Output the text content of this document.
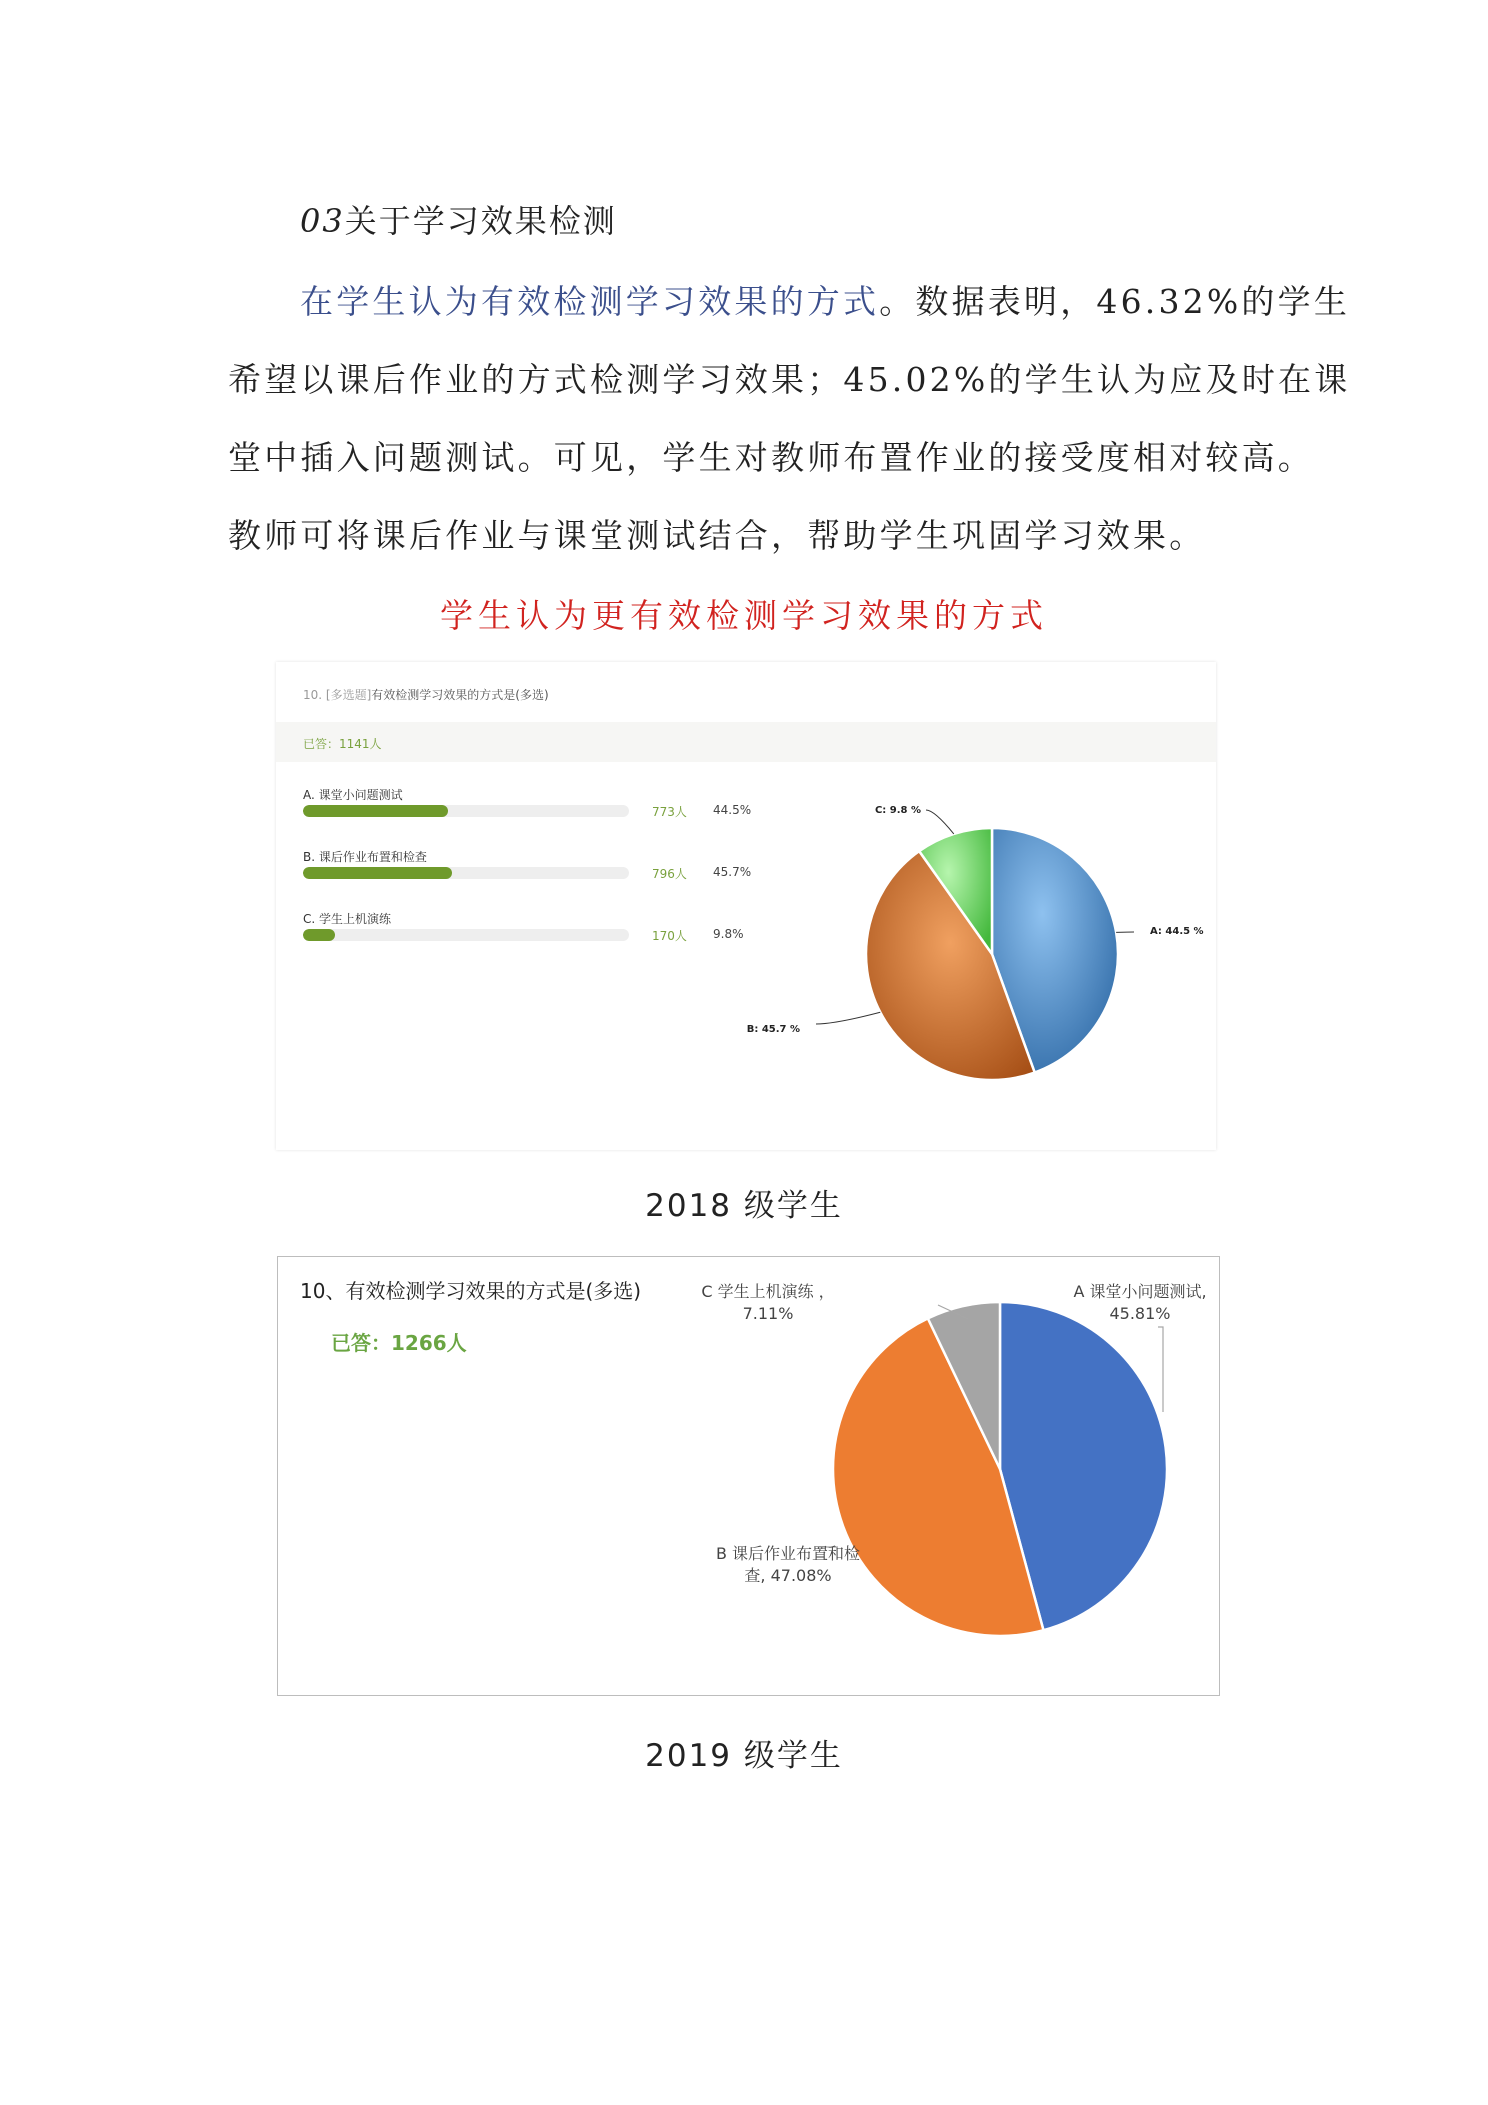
03关于学习效果检测
在学生认为有效检测学习效果的方式。数据表明，46.32%的学生
希望以课后作业的方式检测学习效果；45.02%的学生认为应及时在课
堂中插入问题测试。可见，学生对教师布置作业的接受度相对较高。
教师可将课后作业与课堂测试结合，帮助学生巩固学习效果。
学生认为更有效检测学习效果的方式
10. [多选题]有效检测学习效果的方式是(多选)
已答：1141人
A. 课堂小问题测试
773人 44.5%
B. 课后作业布置和检查
796人 45.7%
C. 学生上机演练
170人 9.8%	A: 44.5 %
B: 45.7 %
C: 9.8 %
2018 级学生
10、有效检测学习效果的方式是(多选)
已答：1266人
A 课堂小问题测试, 45.81%
B 课后作业布置和检查, 47.08%
C 学生上机演练 ， 7.11%
2019 级学生
